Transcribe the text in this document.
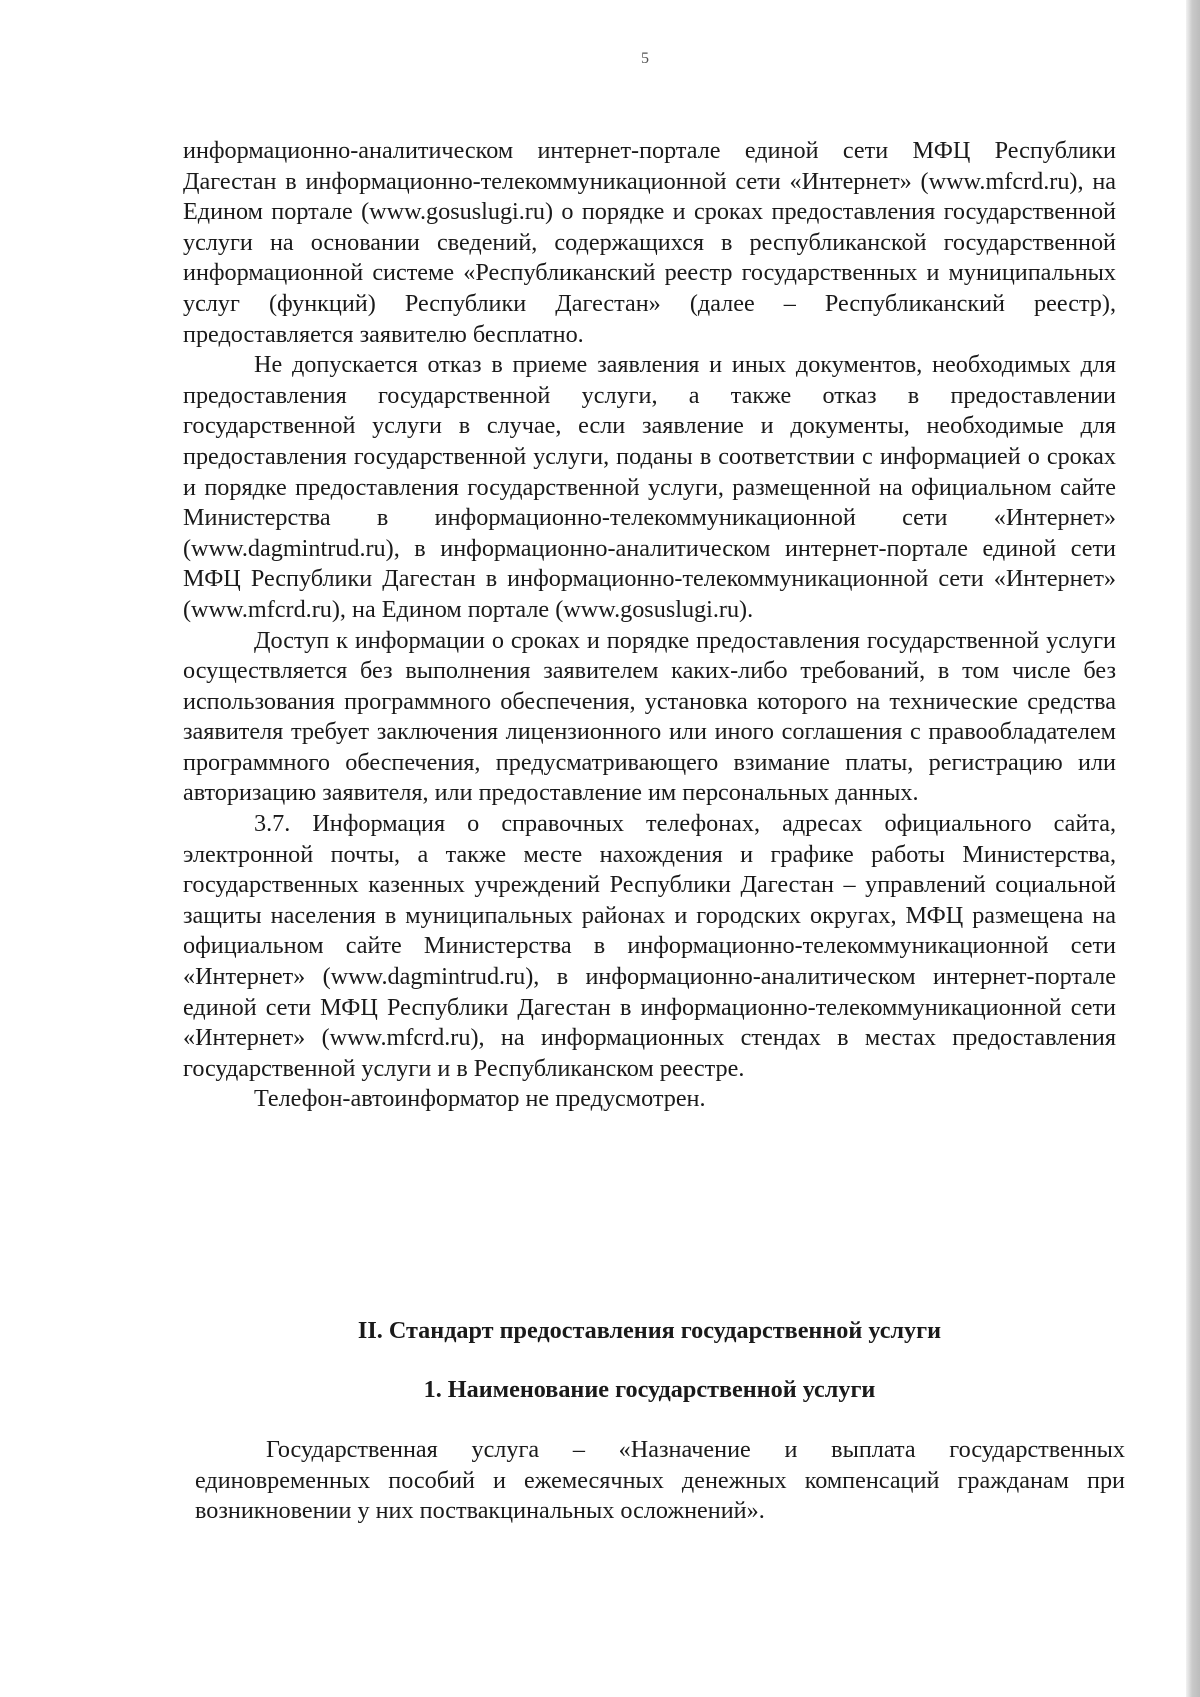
5

информационно-аналитическом интернет-портале единой сети МФЦ Республики Дагестан в информационно-телекоммуникационной сети «Интернет» (www.mfcrd.ru), на Едином портале (www.gosuslugi.ru) о порядке и сроках предоставления государственной услуги на основании сведений, содержащихся в республиканской государственной информационной системе «Республиканский реестр государственных и муниципальных услуг (функций) Республики Дагестан» (далее – Республиканский реестр), предоставляется заявителю бесплатно.

Не допускается отказ в приеме заявления и иных документов, необходимых для предоставления государственной услуги, а также отказ в предоставлении государственной услуги в случае, если заявление и документы, необходимые для предоставления государственной услуги, поданы в соответствии с информацией о сроках и порядке предоставления государственной услуги, размещенной на официальном сайте Министерства в информационно-телекоммуникационной сети «Интернет» (www.dagmintrud.ru), в информационно-аналитическом интернет-портале единой сети МФЦ Республики Дагестан в информационно-телекоммуникационной сети «Интернет» (www.mfcrd.ru), на Едином портале (www.gosuslugi.ru).

Доступ к информации о сроках и порядке предоставления государственной услуги осуществляется без выполнения заявителем каких-либо требований, в том числе без использования программного обеспечения, установка которого на технические средства заявителя требует заключения лицензионного или иного соглашения с правообладателем программного обеспечения, предусматривающего взимание платы, регистрацию или авторизацию заявителя, или предоставление им персональных данных.

3.7. Информация о справочных телефонах, адресах официального сайта, электронной почты, а также месте нахождения и графике работы Министерства, государственных казенных учреждений Республики Дагестан – управлений социальной защиты населения в муниципальных районах и городских округах, МФЦ размещена на официальном сайте Министерства в информационно-телекоммуникационной сети «Интернет» (www.dagmintrud.ru), в информационно-аналитическом интернет-портале единой сети МФЦ Республики Дагестан в информационно-телекоммуникационной сети «Интернет» (www.mfcrd.ru), на информационных стендах в местах предоставления государственной услуги и в Республиканском реестре.

Телефон-автоинформатор не предусмотрен.

II. Стандарт предоставления государственной услуги
1. Наименование государственной услуги

Государственная услуга – «Назначение и выплата государственных единовременных пособий и ежемесячных денежных компенсаций гражданам при возникновении у них поствакцинальных осложнений».
